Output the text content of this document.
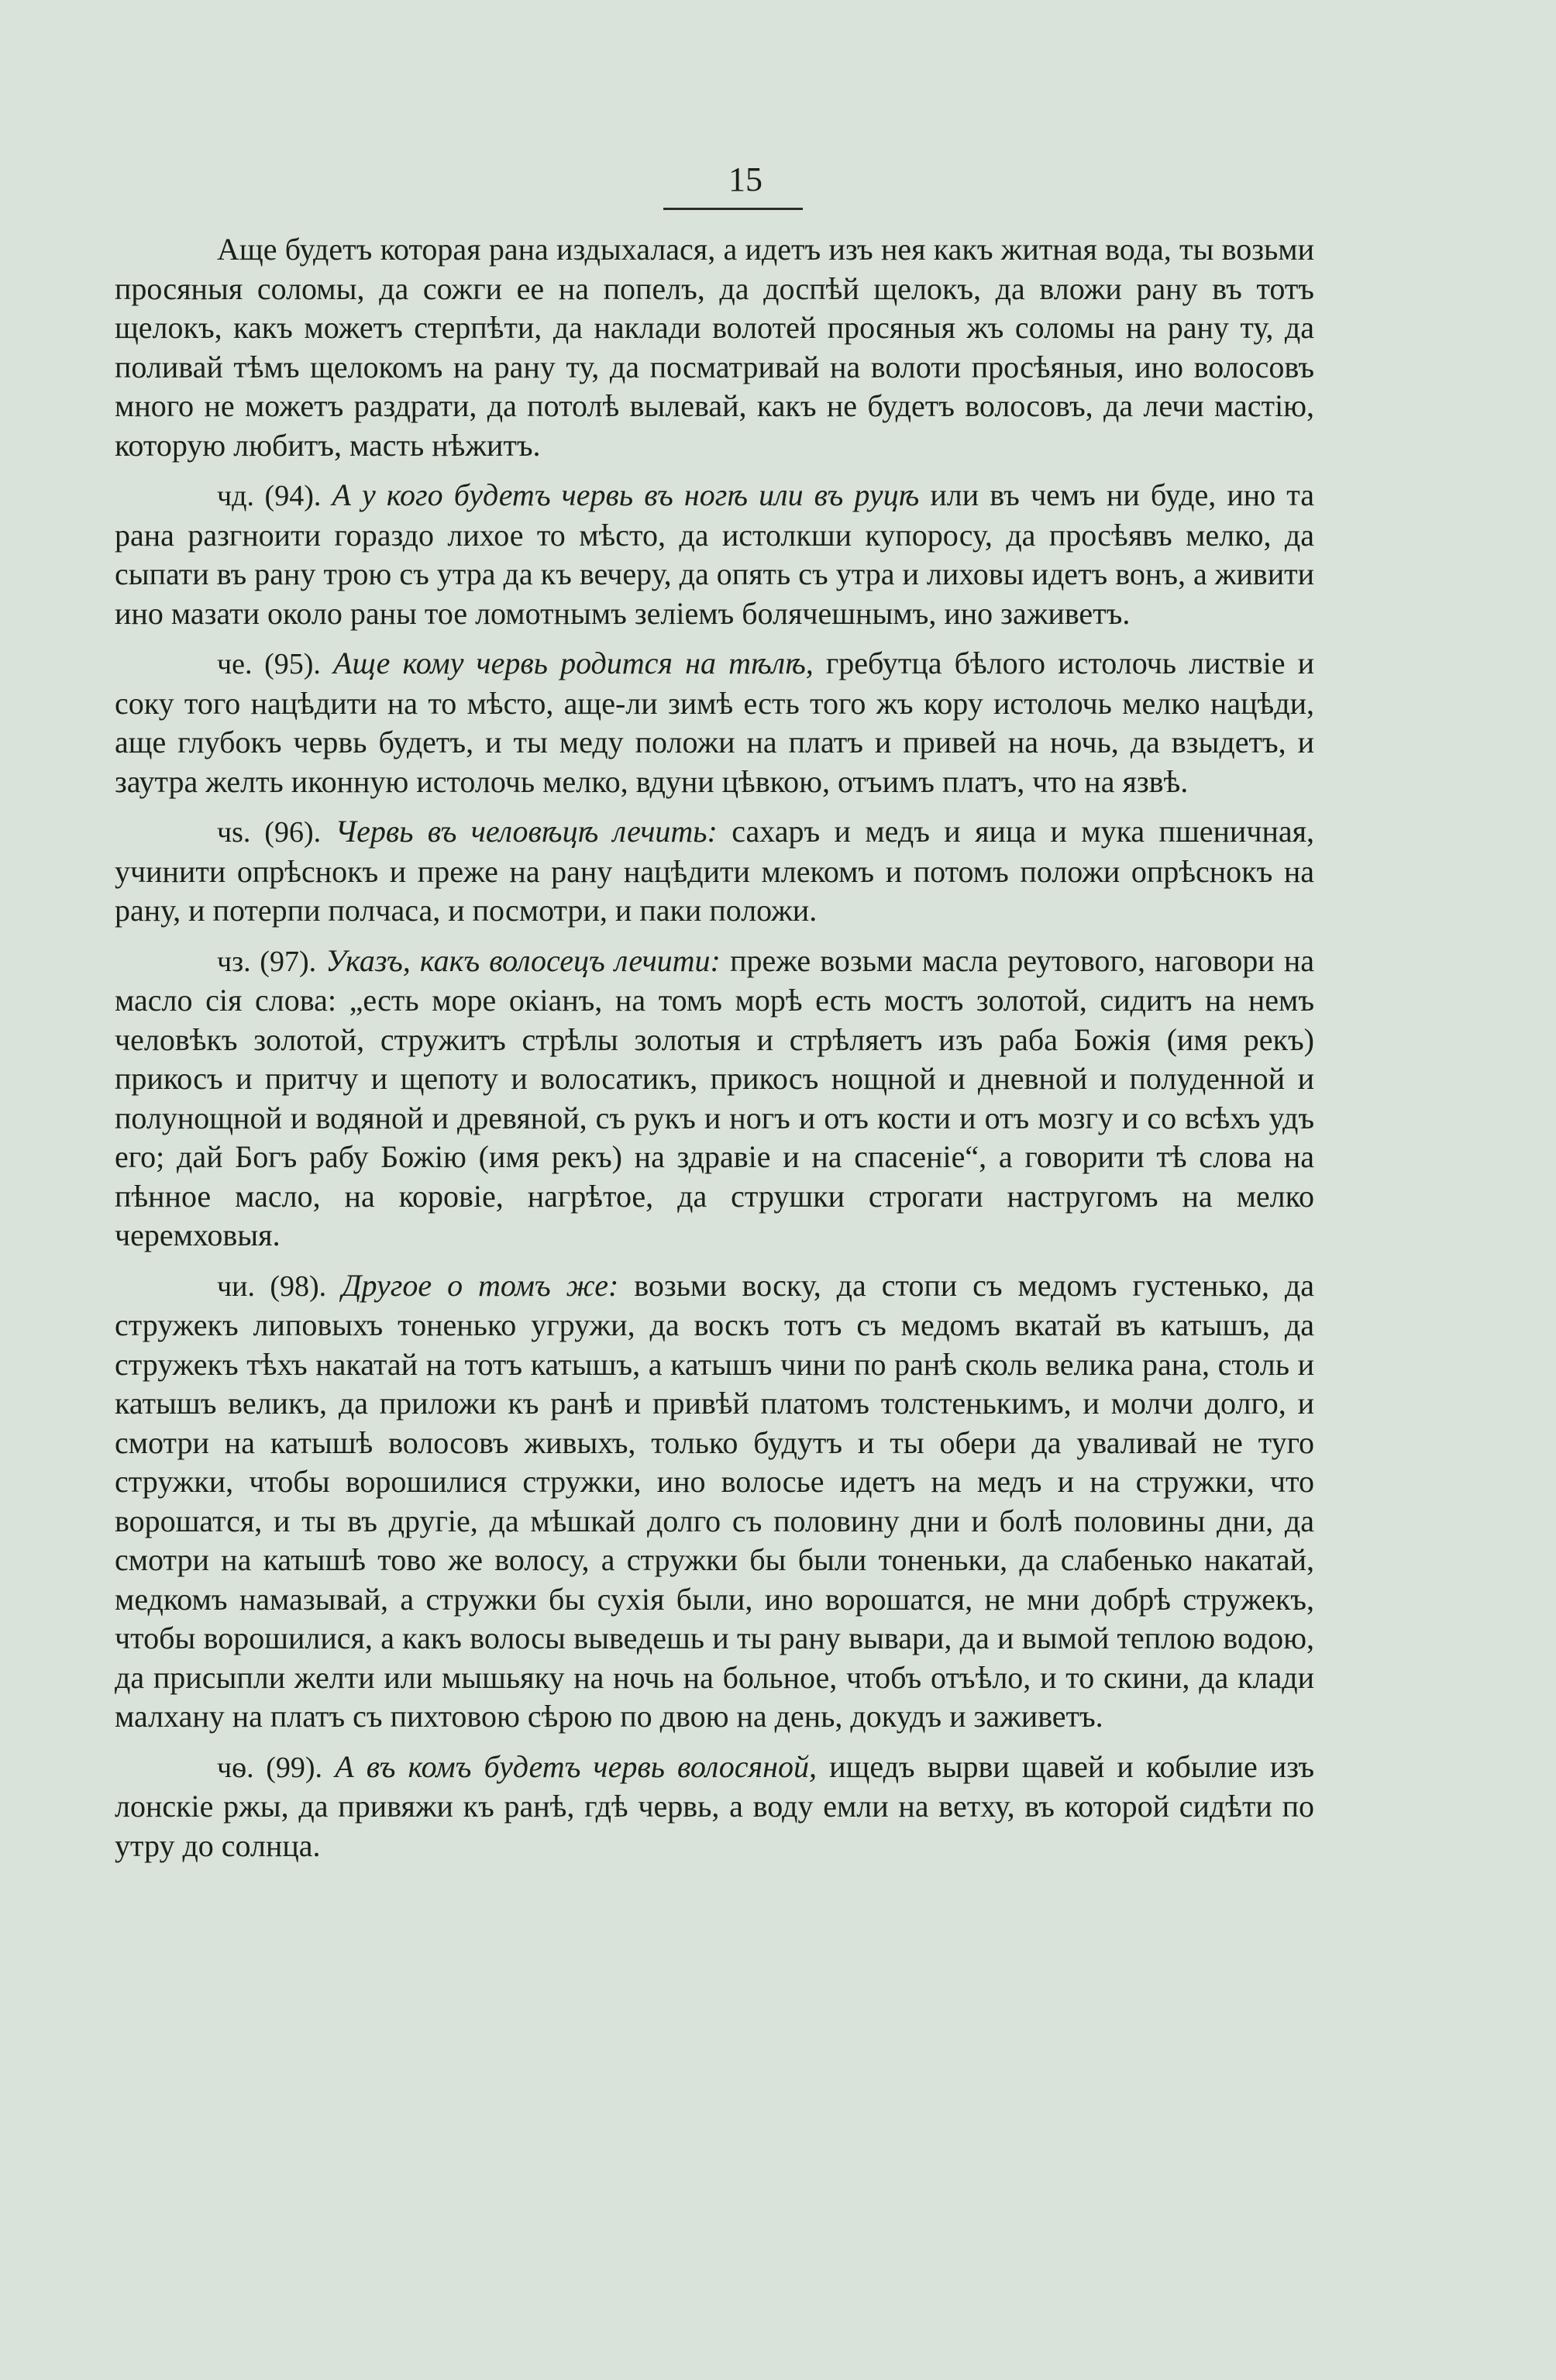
15

Аще будетъ которая рана издыхалася, а идетъ изъ нея какъ житная вода, ты возьми просяныя соломы, да сожги ее на попелъ, да доспѣй щелокъ, да вложи рану въ тотъ щелокъ, какъ можетъ стерпѣти, да наклади волотей просяныя жъ соломы на рану ту, да поливай тѣмъ щелокомъ на рану ту, да посматривай на волоти просѣяныя, ино волосовъ много не можетъ раздрати, да потолѣ вылевай, какъ не будетъ волосовъ, да лечи мастію, которую любитъ, масть нѣжитъ.

чд. (94). А у кого будетъ червь въ ногѣ или въ руцѣ или въ чемъ ни буде, ино та рана разгноити гораздо лихое то мѣсто, да истолкши купоросу, да просѣявъ мелко, да сыпати въ рану трою съ утра да къ вечеру, да опять съ утра и лиховы идетъ вонъ, а живити ино мазати около раны тое ломотнымъ зеліемъ болячешнымъ, ино заживетъ.

че. (95). Аще кому червь родится на тѣлѣ, гребутца бѣлого истолочь листвіе и соку того нацѣдити на то мѣсто, аще-ли зимѣ есть того жъ кору истолочь мелко нацѣди, аще глубокъ червь будетъ, и ты меду положи на платъ и привей на ночь, да взыдетъ, и заутра желть иконную истолочь мелко, вдуни цѣвкою, отъимъ платъ, что на язвѣ.

чѕ. (96). Червь въ человѣцѣ лечить: сахаръ и медъ и яица и мука пшеничная, учинити опрѣснокъ и преже на рану нацѣдити млекомъ и потомъ положи опрѣснокъ на рану, и потерпи полчаса, и посмотри, и паки положи.

чз. (97). Указъ, какъ волосецъ лечити: преже возьми масла реутового, наговори на масло сія слова: „есть море окіанъ, на томъ морѣ есть мостъ золотой, сидитъ на немъ человѣкъ золотой, стружитъ стрѣлы золотыя и стрѣляетъ изъ раба Божія (имя рекъ) прикосъ и притчу и щепоту и волосатикъ, прикосъ нощной и дневной и полуденной и полунощной и водяной и древяной, съ рукъ и ногъ и отъ кости и отъ мозгу и со всѣхъ удъ его; дай Богъ рабу Божію (имя рекъ) на здравіе и на спасеніе“, а говорити тѣ слова на пѣнное масло, на коровіе, нагрѣтое, да струшки строгати настругомъ на мелко черемховыя.

чи. (98). Другое о томъ же: возьми воску, да стопи съ медомъ густенько, да стружекъ липовыхъ тоненько угружи, да воскъ тотъ съ медомъ вкатай въ катышъ, да стружекъ тѣхъ накатай на тотъ катышъ, а катышъ чини по ранѣ сколь велика рана, столь и катышъ великъ, да приложи къ ранѣ и привѣй платомъ толстенькимъ, и молчи долго, и смотри на катышѣ волосовъ живыхъ, только будутъ и ты обери да уваливай не туго стружки, чтобы ворошилися стружки, ино волосье идетъ на медъ и на стружки, что ворошатся, и ты въ другіе, да мѣшкай долго съ половину дни и болѣ половины дни, да смотри на катышѣ тово же волосу, а стружки бы были тоненьки, да слабенько накатай, медкомъ намазывай, а стружки бы сухія были, ино ворошатся, не мни добрѣ стружекъ, чтобы ворошилися, а какъ волосы выведешь и ты рану вывари, да и вымой теплою водою, да присыпли желти или мышьяку на ночь на больное, чтобъ отъѣло, и то скини, да клади малхану на платъ съ пихтовою сѣрою по двою на день, докудъ и заживетъ.

чѳ. (99). А въ комъ будетъ червь волосяной, ищедъ вырви щавей и кобылие изъ лонскіе ржы, да привяжи къ ранѣ, гдѣ червь, а воду емли на ветху, въ которой сидѣти по утру до солнца.
